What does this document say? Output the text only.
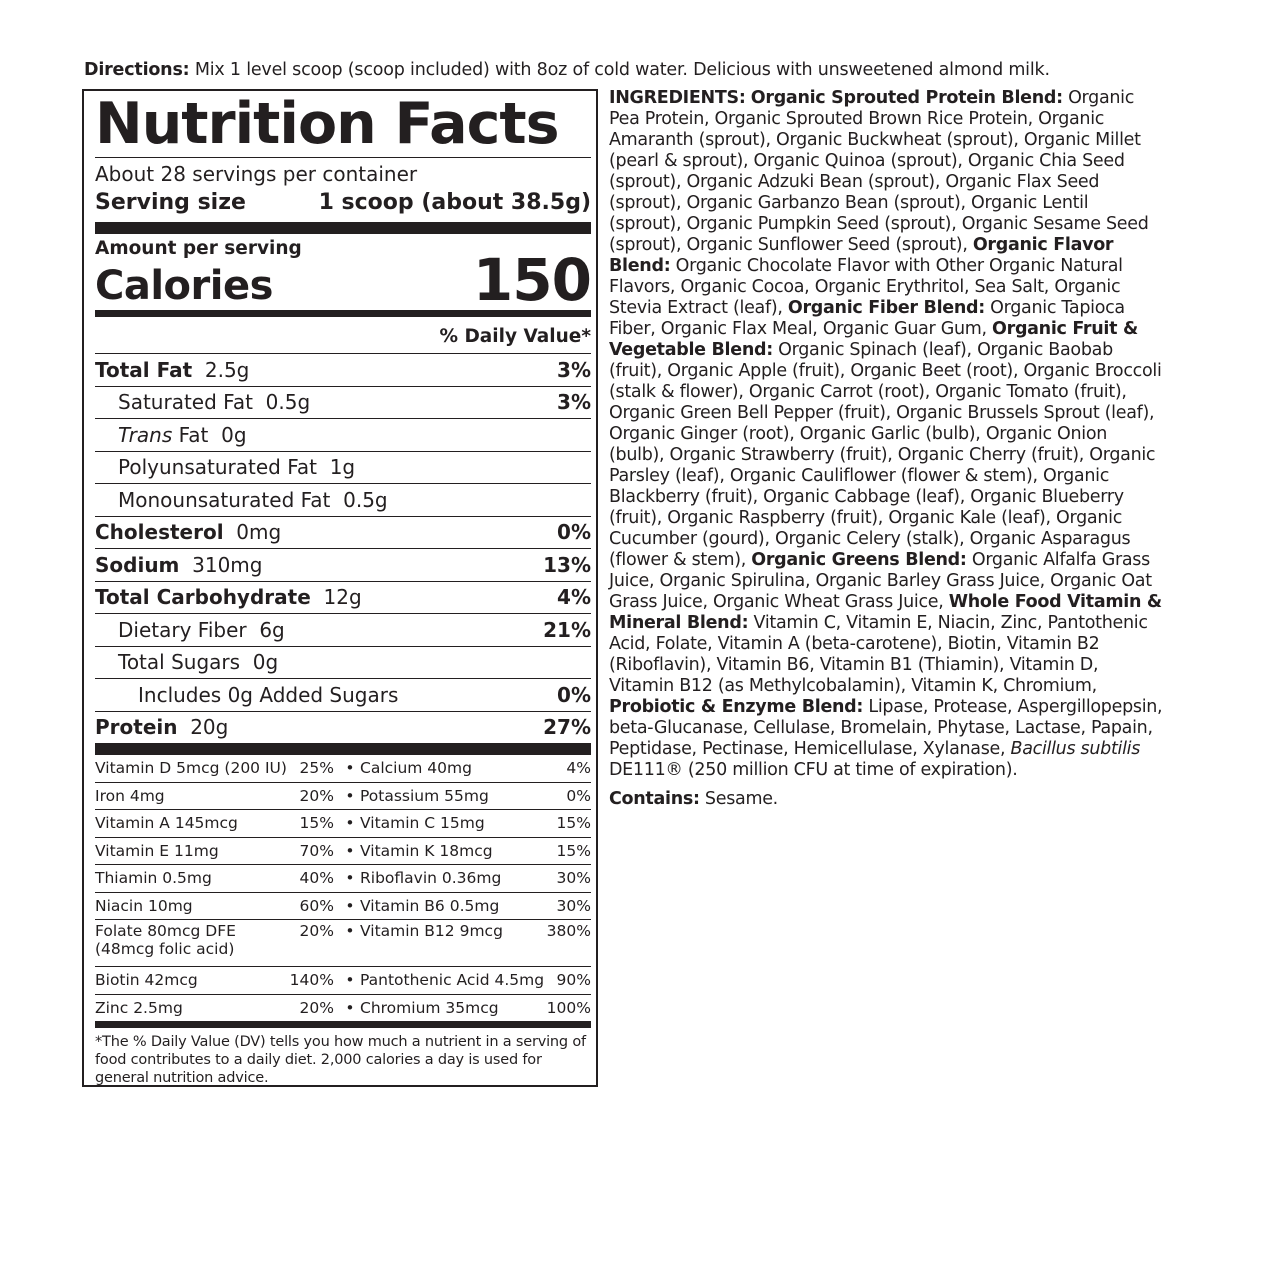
Directions: Mix 1 level scoop (scoop included) with 8oz of cold water. Delicious with unsweetened almond milk.
Nutrition Facts
About 28 servings per container
Serving size	1 scoop (about 38.5g)
Amount per serving
Calories	150
% Daily Value*
Total Fat 2.5g	3%
Saturated Fat 0.5g	3%
Trans Fat 0g
Polyunsaturated Fat 1g
Monounsaturated Fat 0.5g
Cholesterol 0mg	0%
Sodium 310mg	13%
Total Carbohydrate 12g	4%
Dietary Fiber 6g	21%
Total Sugars 0g
Includes 0g Added Sugars	0%
Protein 20g	27%
Vitamin D 5mcg (200 IU)	25%	•	Calcium 40mg	4%
Iron 4mg	20%	•	Potassium 55mg	0%
Vitamin A 145mcg	15%	•	Vitamin C 15mg	15%
Vitamin E 11mg	70%	•	Vitamin K 18mcg	15%
Thiamin 0.5mg	40%	•	Riboflavin 0.36mg	30%
Niacin 10mg	60%	•	Vitamin B6 0.5mg	30%
Folate 80mcg DFE
(48mcg folic acid)	20%	•	Vitamin B12 9mcg	380%
Biotin 42mcg	140%	•	Pantothenic Acid 4.5mg	90%
Zinc 2.5mg	20%	•	Chromium 35mcg	100%
*The % Daily Value (DV) tells you how much a nutrient in a serving of food contributes to a daily diet. 2,000 calories a day is used for general nutrition advice.
INGREDIENTS: Organic Sprouted Protein Blend: Organic Pea Protein, Organic Sprouted Brown Rice Protein, Organic Amaranth (sprout), Organic Buckwheat (sprout), Organic Millet (pearl & sprout), Organic Quinoa (sprout), Organic Chia Seed (sprout), Organic Adzuki Bean (sprout), Organic Flax Seed (sprout), Organic Garbanzo Bean (sprout), Organic Lentil (sprout), Organic Pumpkin Seed (sprout), Organic Sesame Seed (sprout), Organic Sunflower Seed (sprout), Organic Flavor Blend: Organic Chocolate Flavor with Other Organic Natural Flavors, Organic Cocoa, Organic Erythritol, Sea Salt, Organic Stevia Extract (leaf), Organic Fiber Blend: Organic Tapioca Fiber, Organic Flax Meal, Organic Guar Gum, Organic Fruit & Vegetable Blend: Organic Spinach (leaf), Organic Baobab (fruit), Organic Apple (fruit), Organic Beet (root), Organic Broccoli (stalk & flower), Organic Carrot (root), Organic Tomato (fruit), Organic Green Bell Pepper (fruit), Organic Brussels Sprout (leaf), Organic Ginger (root), Organic Garlic (bulb), Organic Onion (bulb), Organic Strawberry (fruit), Organic Cherry (fruit), Organic Parsley (leaf), Organic Cauliflower (flower & stem), Organic Blackberry (fruit), Organic Cabbage (leaf), Organic Blueberry (fruit), Organic Raspberry (fruit), Organic Kale (leaf), Organic Cucumber (gourd), Organic Celery (stalk), Organic Asparagus (flower & stem), Organic Greens Blend: Organic Alfalfa Grass Juice, Organic Spirulina, Organic Barley Grass Juice, Organic Oat Grass Juice, Organic Wheat Grass Juice, Whole Food Vitamin & Mineral Blend: Vitamin C, Vitamin E, Niacin, Zinc, Pantothenic Acid, Folate, Vitamin A (beta-carotene), Biotin, Vitamin B2 (Riboflavin), Vitamin B6, Vitamin B1 (Thiamin), Vitamin D, Vitamin B12 (as Methylcobalamin), Vitamin K, Chromium, Probiotic & Enzyme Blend: Lipase, Protease, Aspergillopepsin, beta-Glucanase, Cellulase, Bromelain, Phytase, Lactase, Papain, Peptidase, Pectinase, Hemicellulase, Xylanase, Bacillus subtilis DE111® (250 million CFU at time of expiration).
Contains: Sesame.
